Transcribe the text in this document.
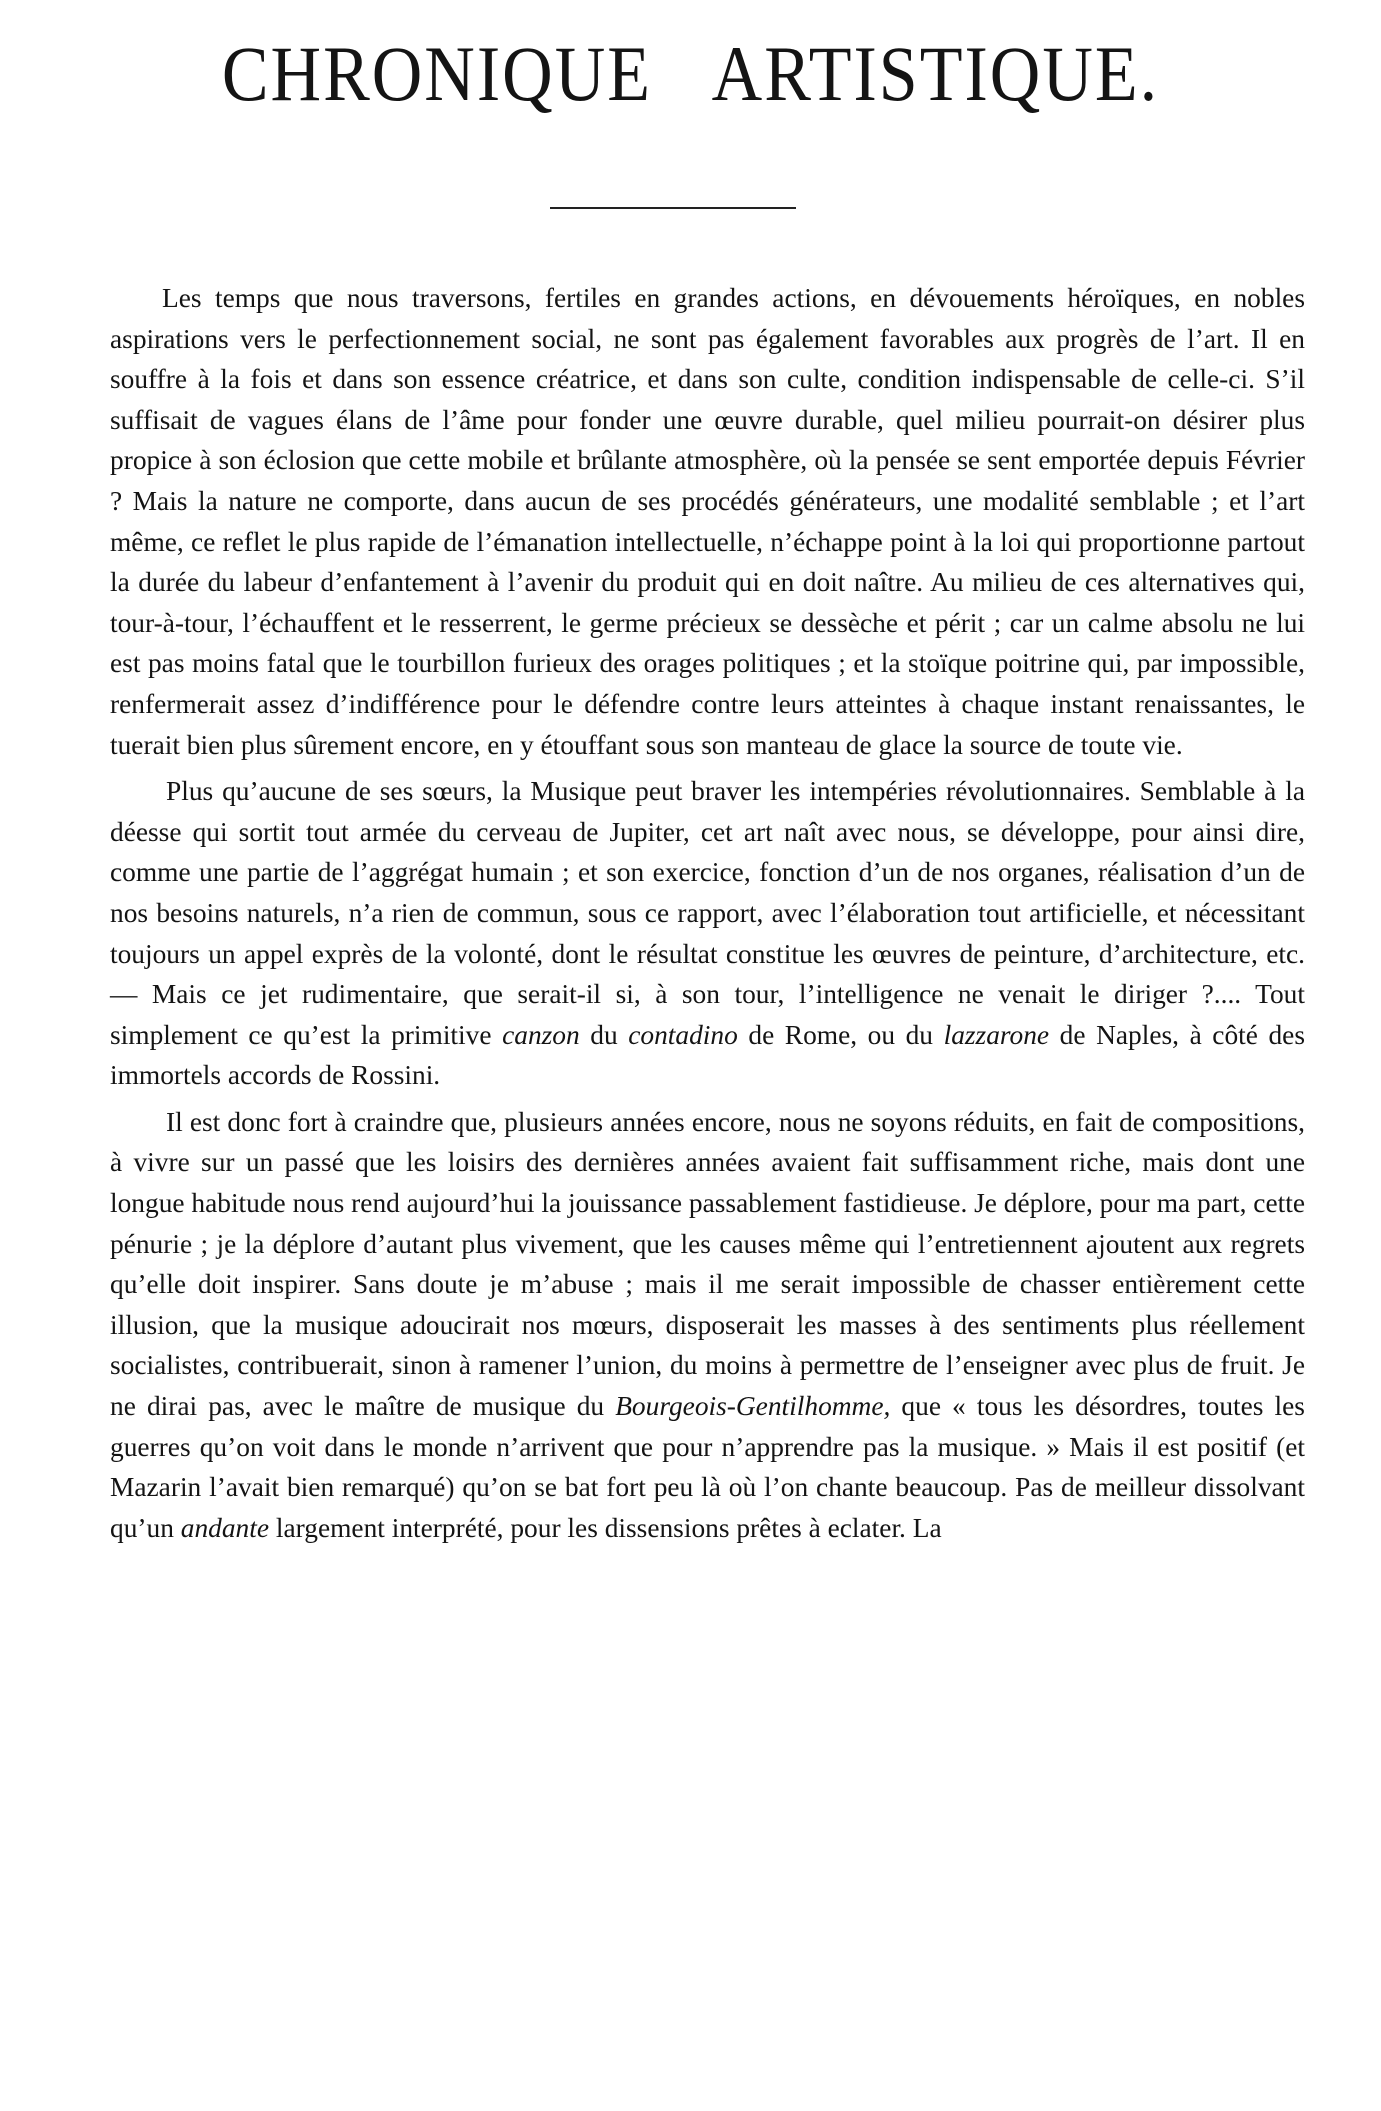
CHRONIQUE ARTISTIQUE.

Les temps que nous traversons, fertiles en grandes actions, en dévouements héroïques, en nobles aspirations vers le perfectionnement social, ne sont pas également favorables aux progrès de l’art. Il en souffre à la fois et dans son essence créatrice, et dans son culte, condition indispensable de celle-ci. S’il suffisait de vagues élans de l’âme pour fonder une œuvre durable, quel milieu pourrait-on désirer plus propice à son éclosion que cette mobile et brûlante atmosphère, où la pensée se sent emportée depuis Février ? Mais la nature ne comporte, dans aucun de ses procédés générateurs, une modalité semblable ; et l’art même, ce reflet le plus rapide de l’émanation intellectuelle, n’échappe point à la loi qui proportionne partout la durée du labeur d’enfantement à l’avenir du produit qui en doit naître. Au milieu de ces alternatives qui, tour-à-tour, l’échauffent et le resserrent, le germe précieux se dessèche et périt ; car un calme absolu ne lui est pas moins fatal que le tourbillon furieux des orages politiques ; et la stoïque poitrine qui, par impossible, renfermerait assez d’indifférence pour le défendre contre leurs atteintes à chaque instant renaissantes, le tuerait bien plus sûrement encore, en y étouffant sous son manteau de glace la source de toute vie.

Plus qu’aucune de ses sœurs, la Musique peut braver les intempéries révolutionnaires. Semblable à la déesse qui sortit tout armée du cerveau de Jupiter, cet art naît avec nous, se développe, pour ainsi dire, comme une partie de l’aggrégat humain ; et son exercice, fonction d’un de nos organes, réalisation d’un de nos besoins naturels, n’a rien de commun, sous ce rapport, avec l’élaboration tout artificielle, et nécessitant toujours un appel exprès de la volonté, dont le résultat constitue les œuvres de peinture, d’architecture, etc. — Mais ce jet rudimentaire, que serait-il si, à son tour, l’intelligence ne venait le diriger ?.... Tout simplement ce qu’est la primitive canzon du contadino de Rome, ou du lazzarone de Naples, à côté des immortels accords de Rossini.

Il est donc fort à craindre que, plusieurs années encore, nous ne soyons réduits, en fait de compositions, à vivre sur un passé que les loisirs des dernières années avaient fait suffisamment riche, mais dont une longue habitude nous rend aujourd’hui la jouissance passablement fastidieuse. Je déplore, pour ma part, cette pénurie ; je la déplore d’autant plus vivement, que les causes même qui l’entretiennent ajoutent aux regrets qu’elle doit inspirer. Sans doute je m’abuse ; mais il me serait impossible de chasser entièrement cette illusion, que la musique adoucirait nos mœurs, disposerait les masses à des sentiments plus réellement socialistes, contribuerait, sinon à ramener l’union, du moins à permettre de l’enseigner avec plus de fruit. Je ne dirai pas, avec le maître de musique du Bourgeois-Gentilhomme, que « tous les désordres, toutes les guerres qu’on voit dans le monde n’arrivent que pour n’apprendre pas la musique. » Mais il est positif (et Mazarin l’avait bien remarqué) qu’on se bat fort peu là où l’on chante beaucoup. Pas de meilleur dissolvant qu’un andante largement interprété, pour les dissensions prêtes à eclater. La
